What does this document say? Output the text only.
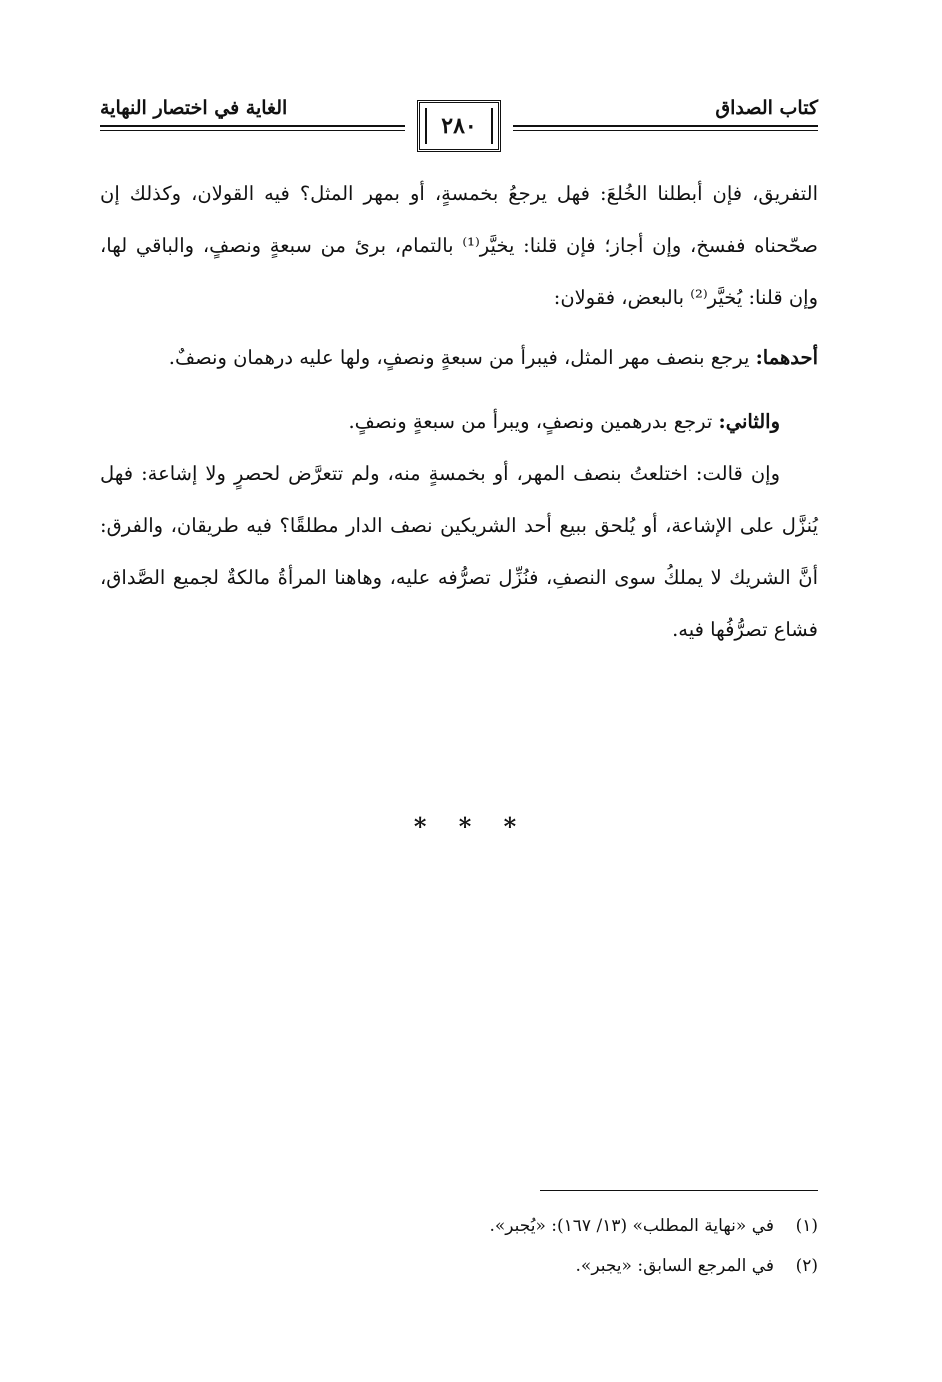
كتاب الصداق
الغاية في اختصار النهاية
٢٨٠

التفريق، فإن أبطلنا الخُلعَ: فهل يرجعُ بخمسةٍ، أو بمهر المثل؟ فيه القولان، وكذلك إن صحّحناه ففسخ، وإن أجاز؛ فإن قلنا: يخيَّر⁽¹⁾ بالتمام، برئ من سبعةٍ ونصفٍ، والباقي لها، وإن قلنا: يُخيَّر⁽²⁾ بالبعض، فقولان:

أحدهما: يرجع بنصف مهر المثل، فيبرأ من سبعةٍ ونصفٍ، ولها عليه درهمان ونصفٌ.

والثاني: ترجع بدرهمين ونصفٍ، ويبرأ من سبعةٍ ونصفٍ.

وإن قالت: اختلعتُ بنصف المهر، أو بخمسةٍ منه، ولم تتعرَّض لحصرٍ ولا إشاعة: فهل يُنزَّل على الإشاعة، أو يُلحق ببيع أحد الشريكين نصف الدار مطلقًا؟ فيه طريقان، والفرق: أنَّ الشريك لا يملكُ سوى النصفِ، فنُزِّل تصرُّفه عليه، وهاهنا المرأةُ مالكةٌ لجميع الصَّداق، فشاع تصرُّفُها فيه.

* * *
(١)
في «نهاية المطلب» (١٣/ ١٦٧): «يُجبر».
(٢)
في المرجع السابق: «يجبر».
